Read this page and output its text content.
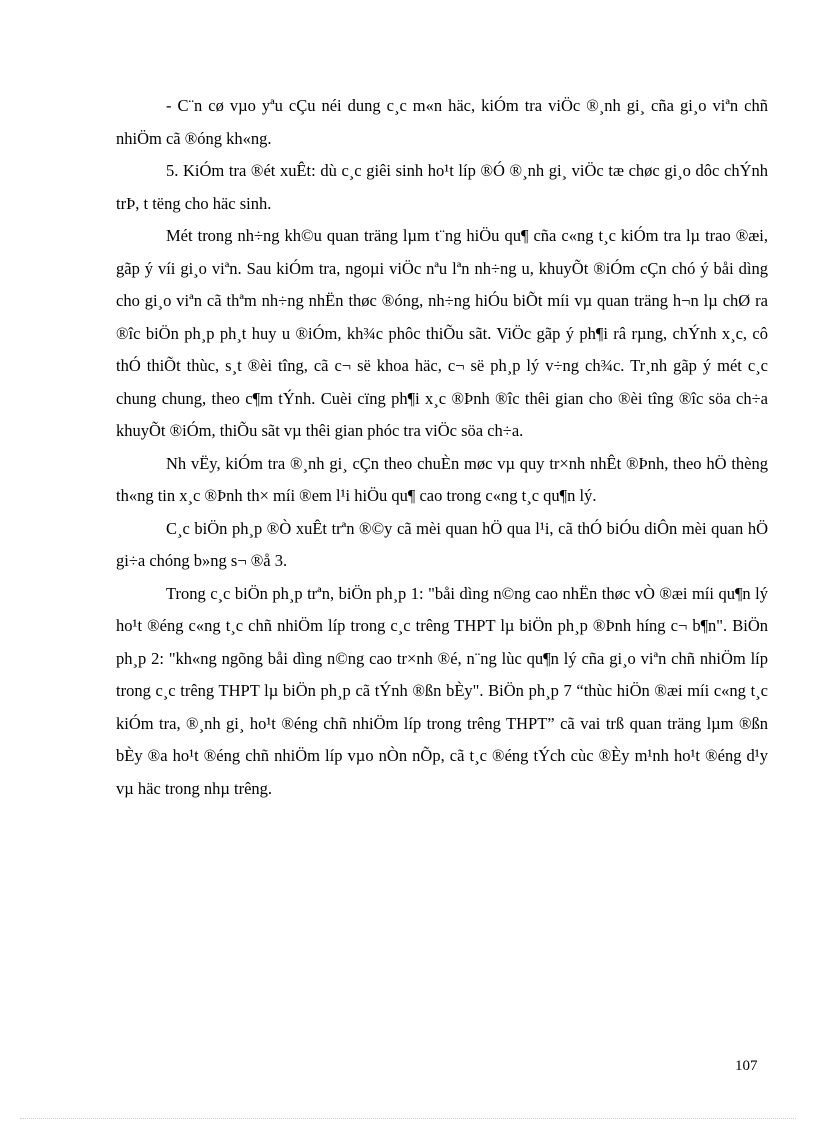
- C¨n cø vµo yªu cÇu néi dung c¸c m«n häc, kiÓm tra viÖc ®¸nh gi¸ cña gi¸o viªn chñ nhiÖm cã ®óng kh«ng.

5. KiÓm tra ®ét xuÊt: dù c¸c giêi sinh ho¹t líp ®Ó ®¸nh gi¸ viÖc tæ chøc gi¸o dôc chÝnh trÞ, t tëng cho häc sinh.

Mét trong nh÷ng kh©u quan träng lµm t¨ng hiÖu qu¶ cña c«ng t¸c kiÓm tra lµ trao ®æi, gãp ý víi gi¸o viªn. Sau kiÓm tra, ngoµi viÖc nªu lªn nh÷ng u, khuyÕt ®iÓm cÇn chó ý båi dìng cho gi¸o viªn cã thªm nh÷ng nhËn thøc ®óng, nh÷ng hiÓu biÕt míi vµ quan träng h¬n lµ chØ ra ®îc biÖn ph¸p ph¸t huy u ®iÓm, kh¾c phôc thiÕu sãt. ViÖc gãp ý ph¶i râ rµng, chÝnh x¸c, cô thÓ thiÕt thùc, s¸t ®èi tîng, cã c¬ së khoa häc, c¬ së ph¸p lý v÷ng ch¾c. Tr¸nh gãp ý mét c¸c chung chung, theo c¶m tÝnh. Cuèi cïng ph¶i x¸c ®Þnh ®îc thêi gian cho ®èi tîng ®îc söa ch÷a khuyÕt ®iÓm, thiÕu sãt vµ thêi gian phóc tra viÖc söa ch÷a.

Nh vËy, kiÓm tra ®¸nh gi¸ cÇn theo chuÈn møc vµ quy tr×nh nhÊt ®Þnh, theo hÖ thèng th«ng tin x¸c ®Þnh th× míi ®em l¹i hiÖu qu¶ cao trong c«ng t¸c qu¶n lý.

C¸c biÖn ph¸p ®Ò xuÊt trªn ®©y cã mèi quan hÖ qua l¹i, cã thÓ biÓu diÔn mèi quan hÖ gi÷a chóng b»ng s¬ ®å 3.

Trong c¸c biÖn ph¸p trªn, biÖn ph¸p 1: "båi dìng n©ng cao nhËn thøc vÒ ®æi míi qu¶n lý ho¹t ®éng c«ng t¸c chñ nhiÖm líp trong c¸c trêng THPT lµ biÖn ph¸p ®Þnh híng c¬ b¶n". BiÖn ph¸p 2: "kh«ng ngõng båi dìng n©ng cao tr×nh ®é, n¨ng lùc qu¶n lý cña gi¸o viªn chñ nhiÖm líp trong c¸c trêng THPT lµ biÖn ph¸p cã tÝnh ®ßn bÈy". BiÖn ph¸p 7 “thùc hiÖn ®æi míi c«ng t¸c kiÓm tra, ®¸nh gi¸ ho¹t ®éng chñ nhiÖm líp trong trêng THPT” cã vai trß quan träng lµm ®ßn bÈy ®a ho¹t ®éng chñ nhiÖm líp vµo nÒn nÕp, cã t¸c ®éng tÝch cùc ®Èy m¹nh ho¹t ®éng d¹y vµ häc trong nhµ trêng.

107
